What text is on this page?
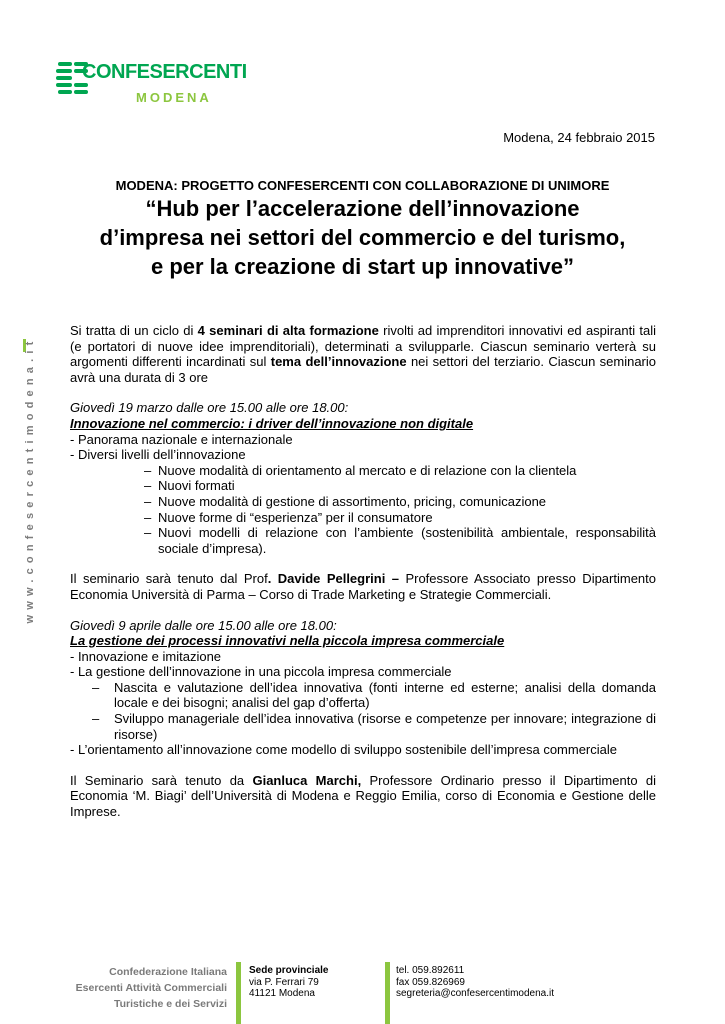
CONFESERCENTI
MODENA
www.confesercentimodena.it
Modena, 24 febbraio 2015
MODENA: PROGETTO CONFESERCENTI CON COLLABORAZIONE DI UNIMORE
“Hub per l’accelerazione dell’innovazione
d’impresa nei settori del commercio e del turismo,
e per la creazione di start up innovative”

Si tratta di un ciclo di 4 seminari di alta formazione rivolti ad imprenditori innovativi ed aspiranti tali (e portatori di nuove idee imprenditoriali), determinati a svilupparle. Ciascun seminario verterà su argomenti differenti incardinati sul tema dell’innovazione nei settori del terziario. Ciascun seminario avrà una durata di 3 ore

Giovedì 19 marzo dalle ore 15.00 alle ore 18.00:

Innovazione nel commercio: i driver dell’innovazione non digitale

- Panorama nazionale e internazionale

- Diversi livelli dell’innovazione

– Nuove modalità di orientamento al mercato e di relazione con la clientela

– Nuovi formati

– Nuove modalità di gestione di assortimento, pricing, comunicazione

– Nuove forme di “esperienza” per il consumatore

– Nuovi modelli di relazione con l’ambiente (sostenibilità ambientale, responsabilità sociale d’impresa).

Il seminario sarà tenuto dal Prof. Davide Pellegrini – Professore Associato presso Dipartimento Economia Università di Parma – Corso di Trade Marketing e Strategie Commerciali.

Giovedì 9 aprile dalle ore 15.00 alle ore 18.00:

La gestione dei processi innovativi nella piccola impresa commerciale

- Innovazione e imitazione

- La gestione dell’innovazione in una piccola impresa commerciale

– Nascita e valutazione dell’idea innovativa (fonti interne ed esterne; analisi della domanda locale e dei bisogni; analisi del gap d’offerta)

– Sviluppo manageriale dell’idea innovativa (risorse e competenze per innovare; integrazione di risorse)

- L’orientamento all’innovazione come modello di sviluppo sostenibile dell’impresa commerciale

Il Seminario sarà tenuto da Gianluca Marchi, Professore Ordinario presso il Dipartimento di Economia ‘M. Biagi’ dell’Università di Modena e Reggio Emilia, corso di Economia e Gestione delle Imprese.

Confederazione Italiana
Esercenti Attività Commerciali
Turistiche e dei Servizi
Sede provinciale
via P. Ferrari 79
41121 Modena
tel. 059.892611
fax 059.826969
segreteria@confesercentimodena.it
